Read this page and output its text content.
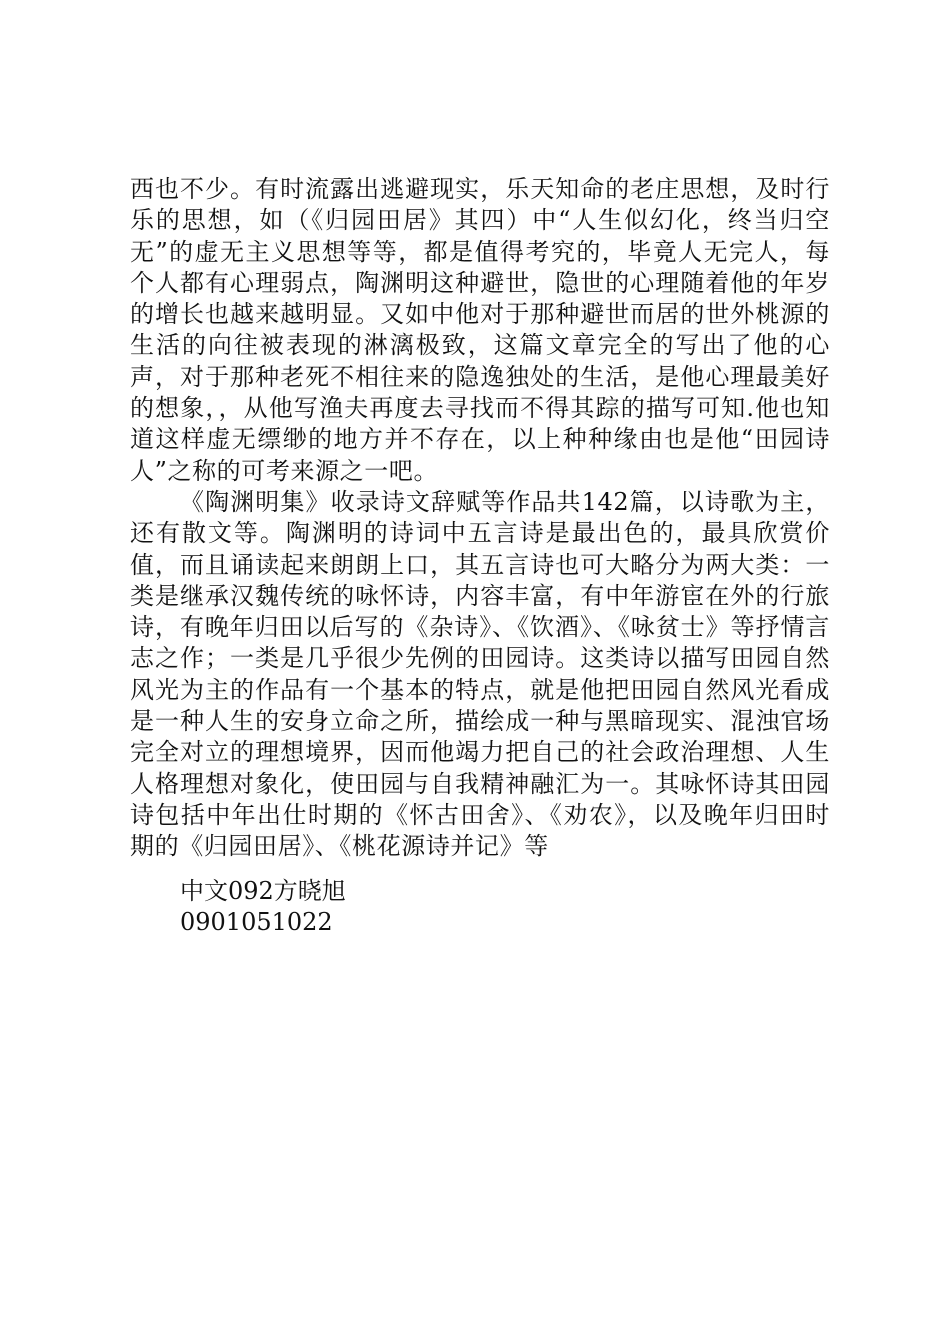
西也不少。有时流露出逃避现实，乐天知命的老庄思想，及时行乐的思想，如（《归园田居》其四）中“人生似幻化，终当归空无”的虚无主义思想等等，都是值得考究的，毕竟人无完人，每个人都有心理弱点，陶渊明这种避世，隐世的心理随着他的年岁的增长也越来越明显。又如中他对于那种避世而居的世外桃源的生活的向往被表现的淋漓极致，这篇文章完全的写出了他的心声，对于那种老死不相往来的隐逸独处的生活，是他心理最美好的想象，，从他写渔夫再度去寻找而不得其踪的描写可知.他也知道这样虚无缥缈的地方并不存在，以上种种缘由也是他“田园诗人”之称的可考来源之一吧。

《陶渊明集》收录诗文辞赋等作品共142篇，以诗歌为主，还有散文等。陶渊明的诗词中五言诗是最出色的，最具欣赏价值，而且诵读起来朗朗上口，其五言诗也可大略分为两大类：一类是继承汉魏传统的咏怀诗，内容丰富，有中年游宦在外的行旅诗，有晚年归田以后写的《杂诗》、《饮酒》、《咏贫士》等抒情言志之作；一类是几乎很少先例的田园诗。这类诗以描写田园自然风光为主的作品有一个基本的特点，就是他把田园自然风光看成是一种人生的安身立命之所，描绘成一种与黑暗现实、混浊官场完全对立的理想境界，因而他竭力把自己的社会政治理想、人生人格理想对象化，使田园与自我精神融汇为一。其咏怀诗其田园诗包括中年出仕时期的《怀古田舍》、《劝农》，以及晚年归田时期的《归园田居》、《桃花源诗并记》等

中文092方晓旭
0901051022
